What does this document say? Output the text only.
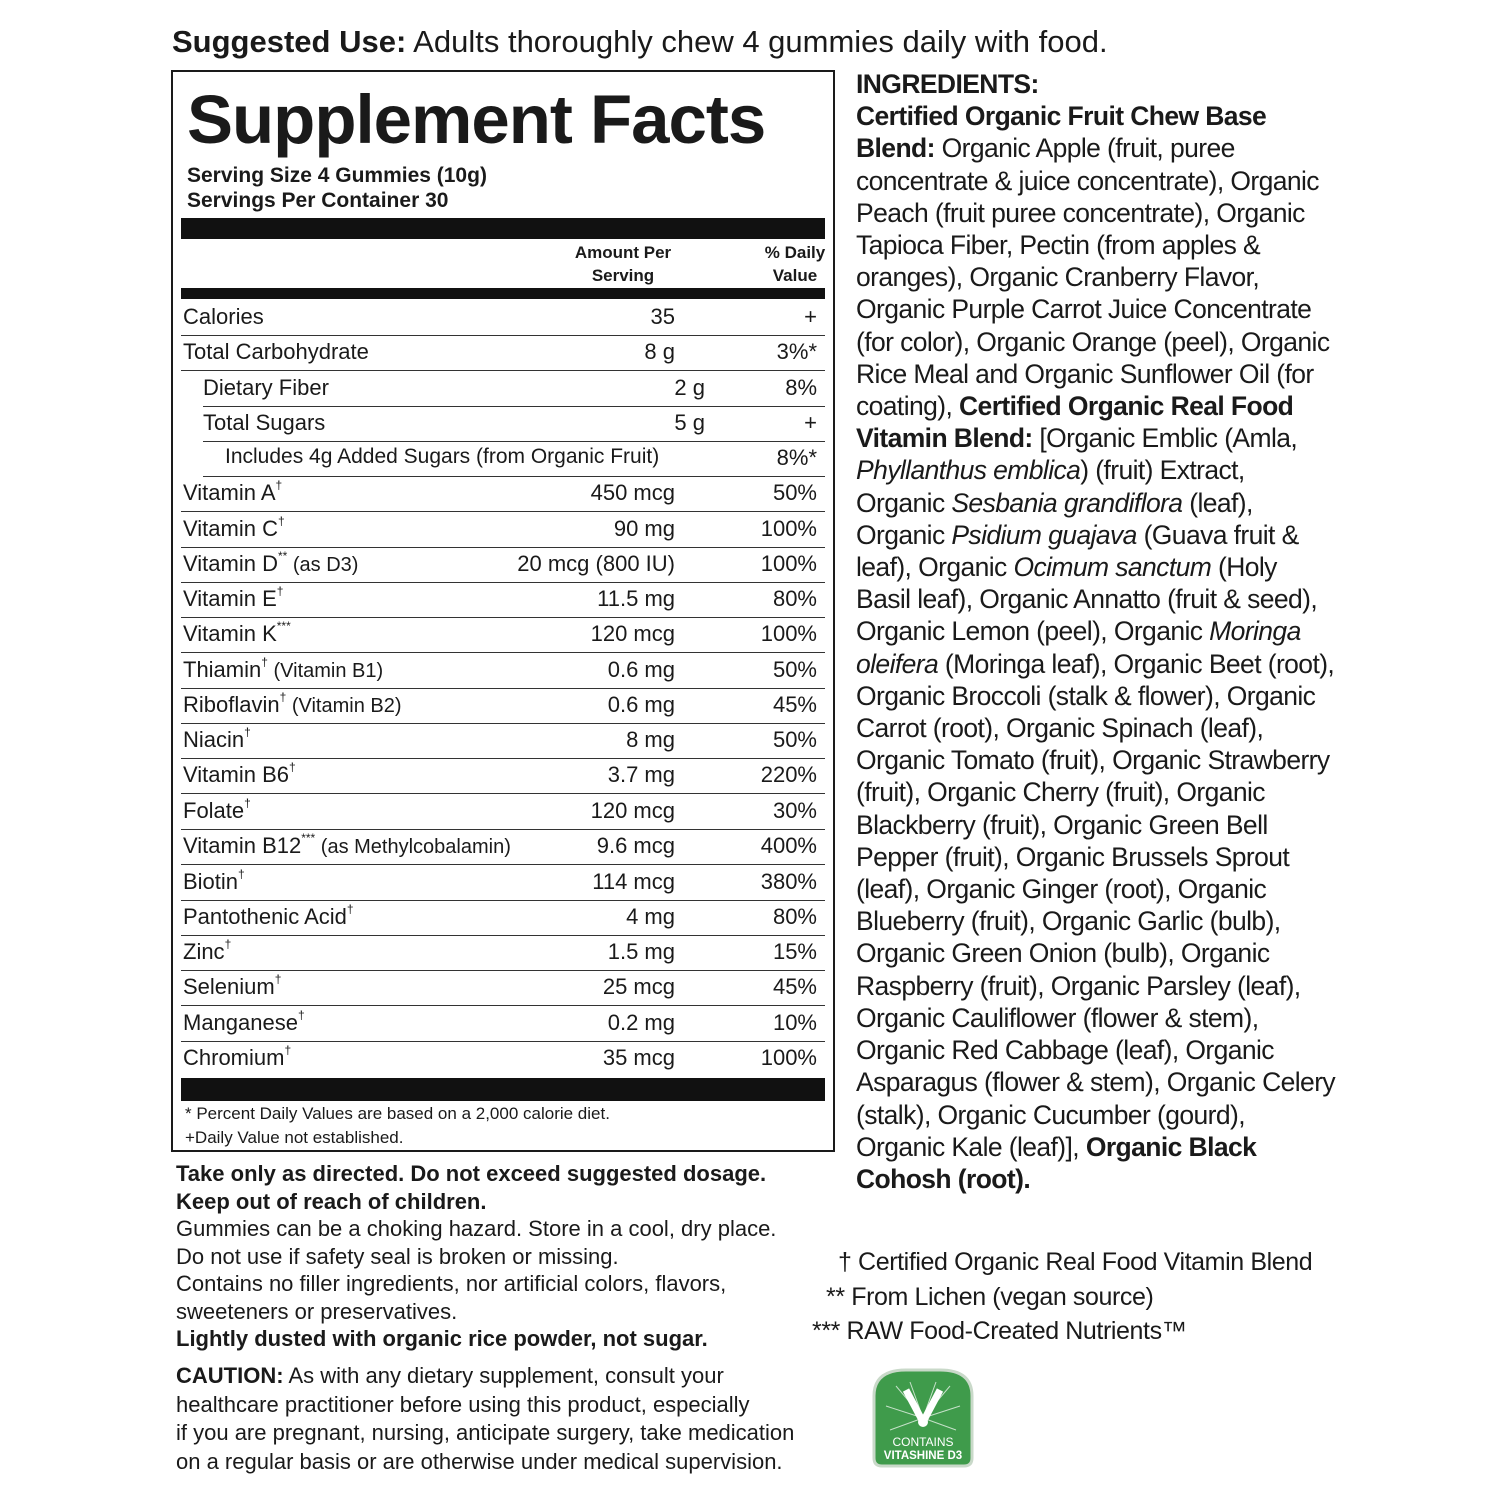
Suggested Use: Adults thoroughly chew 4 gummies daily with food.
Supplement Facts
Serving Size 4 Gummies (10g)
Servings Per Container 30
Amount Per Serving
% Daily Value
Calories	35	+
Total Carbohydrate	8 g	3%*
Dietary Fiber	2 g	8%
Total Sugars	5 g	+
Includes 4g Added Sugars (from Organic Fruit)	8%*
Vitamin A†	450 mcg	50%
Vitamin C†	90 mg	100%
Vitamin D** (as D3)	20 mcg (800 IU)	100%
Vitamin E†	11.5 mg	80%
Vitamin K***	120 mcg	100%
Thiamin† (Vitamin B1)	0.6 mg	50%
Riboflavin† (Vitamin B2)	0.6 mg	45%
Niacin†	8 mg	50%
Vitamin B6†	3.7 mg	220%
Folate†	120 mcg	30%
Vitamin B12*** (as Methylcobalamin)	9.6 mcg	400%
Biotin†	114 mcg	380%
Pantothenic Acid†	4 mg	80%
Zinc†	1.5 mg	15%
Selenium†	25 mcg	45%
Manganese†	0.2 mg	10%
Chromium†	35 mcg	100%
* Percent Daily Values are based on a 2,000 calorie diet.
+Daily Value not established.

Take only as directed. Do not exceed suggested dosage.

Keep out of reach of children.

Gummies can be a choking hazard. Store in a cool, dry place.

Do not use if safety seal is broken or missing.

Contains no filler ingredients, nor artificial colors, flavors,

sweeteners or preservatives.

Lightly dusted with organic rice powder, not sugar.

CAUTION: As with any dietary supplement, consult your

healthcare practitioner before using this product, especially

if you are pregnant, nursing, anticipate surgery, take medication

on a regular basis or are otherwise under medical supervision.

INGREDIENTS:
Certified Organic Fruit Chew Base Blend: Organic Apple (fruit, puree concentrate & juice concentrate), Organic Peach (fruit puree concentrate), Organic Tapioca Fiber, Pectin (from apples & oranges), Organic Cranberry Flavor, Organic Purple Carrot Juice Concentrate (for color), Organic Orange (peel), Organic Rice Meal and Organic Sunflower Oil (for coating), Certified Organic Real Food Vitamin Blend: [Organic Emblic (Amla, Phyllanthus emblica) (fruit) Extract, Organic Sesbania grandiflora (leaf), Organic Psidium guajava (Guava fruit & leaf), Organic Ocimum sanctum (Holy Basil leaf), Organic Annatto (fruit & seed), Organic Lemon (peel), Organic Moringa oleifera (Moringa leaf), Organic Beet (root), Organic Broccoli (stalk & flower), Organic Carrot (root), Organic Spinach (leaf), Organic Tomato (fruit), Organic Strawberry (fruit), Organic Cherry (fruit), Organic Blackberry (fruit), Organic Green Bell Pepper (fruit), Organic Brussels Sprout (leaf), Organic Ginger (root), Organic Blueberry (fruit), Organic Garlic (bulb), Organic Green Onion (bulb), Organic Raspberry (fruit), Organic Parsley (leaf), Organic Cauliflower (flower & stem), Organic Red Cabbage (leaf), Organic Asparagus (flower & stem), Organic Celery (stalk), Organic Cucumber (gourd), Organic Kale (leaf)], Organic Black Cohosh (root).
† Certified Organic Real Food Vitamin Blend
** From Lichen (vegan source)
*** RAW Food-Created Nutrients™
CONTAINS
VITASHINE D3
